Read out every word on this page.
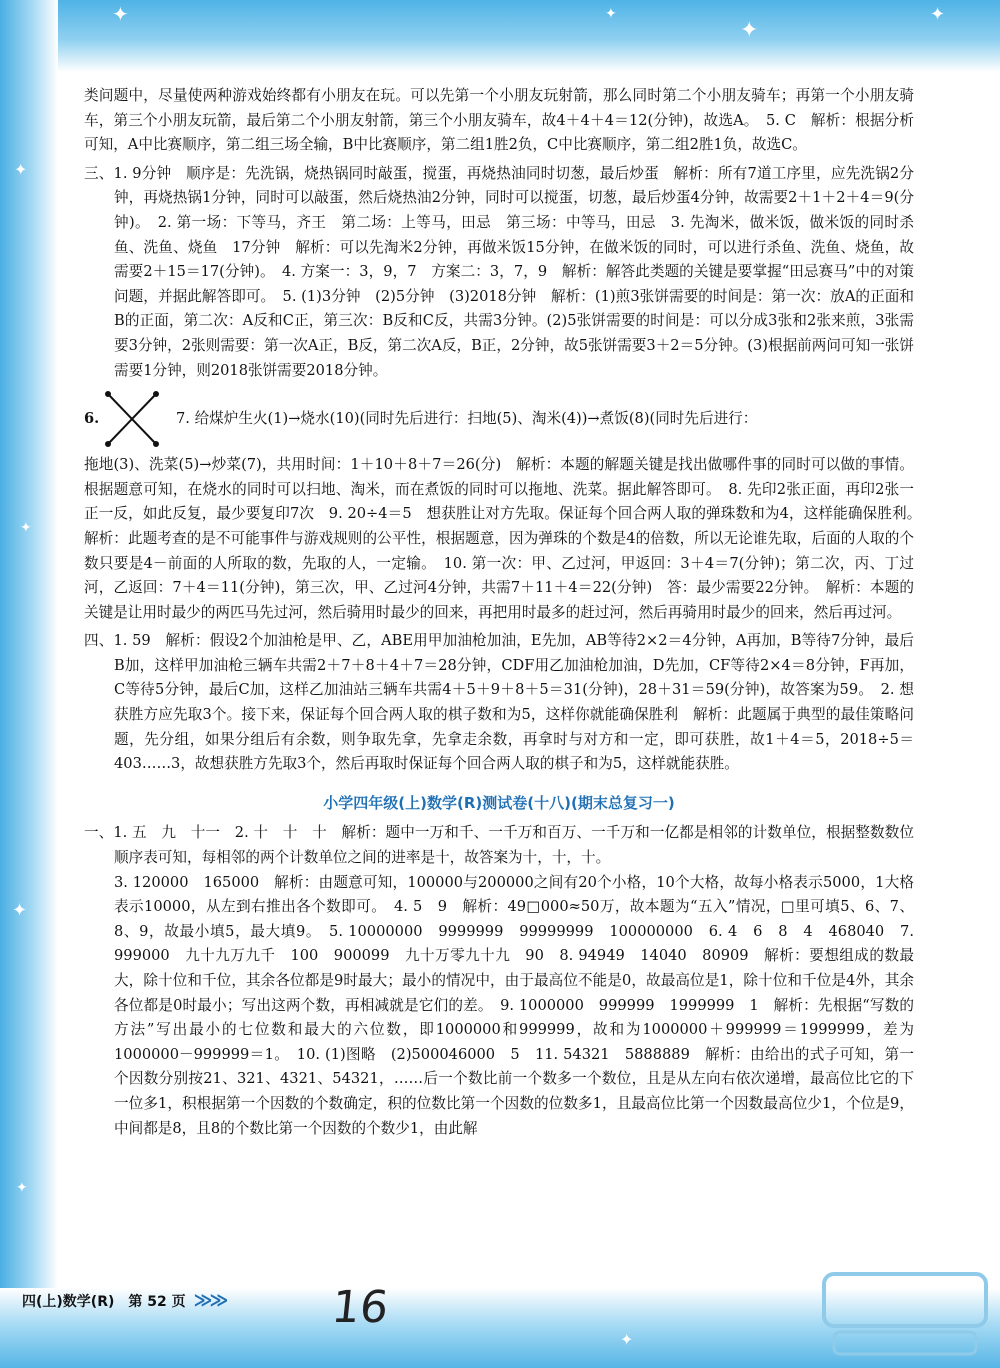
✦	✦
✦
✦
✦
✦
✦
✦
✦

类问题中，尽量使两种游戏始终都有小朋友在玩。可以先第一个小朋友玩射箭，那么同时第二个小朋友骑车；再第一个小朋友骑车，第三个小朋友玩箭，最后第二个小朋友射箭，第三个小朋友骑车，故4＋4＋4＝12(分钟)，故选A。　5. C　解析：根据分析可知，A中比赛顺序，第二组三场全输，B中比赛顺序，第二组1胜2负，C中比赛顺序，第二组2胜1负，故选C。

三、1. 9分钟　顺序是：先洗锅，烧热锅同时敲蛋，搅蛋，再烧热油同时切葱，最后炒蛋　解析：所有7道工序里，应先洗锅2分钟，再烧热锅1分钟，同时可以敲蛋，然后烧热油2分钟，同时可以搅蛋，切葱，最后炒蛋4分钟，故需要2＋1＋2＋4＝9(分钟)。　2. 第一场：下等马，齐王　第二场：上等马，田忌　第三场：中等马，田忌　3. 先淘米，做米饭，做米饭的同时杀鱼、洗鱼、烧鱼　17分钟　解析：可以先淘米2分钟，再做米饭15分钟，在做米饭的同时，可以进行杀鱼、洗鱼、烧鱼，故需要2＋15＝17(分钟)。　4. 方案一：3，9，7　方案二：3，7，9　解析：解答此类题的关键是要掌握“田忌赛马”中的对策问题，并据此解答即可。　5. (1)3分钟　(2)5分钟　(3)2018分钟　解析：(1)煎3张饼需要的时间是：第一次：放A的正面和B的正面，第二次：A反和C正，第三次：B反和C反，共需3分钟。(2)5张饼需要的时间是：可以分成3张和2张来煎，3张需要3分钟，2张则需要：第一次A正，B反，第二次A反，B正，2分钟，故5张饼需要3＋2＝5分钟。(3)根据前两问可知一张饼需要1分钟，则2018张饼需要2018分钟。

6.	7. 给煤炉生火(1)→烧水(10)(同时先后进行：扫地(5)、淘米(4))→煮饭(8)(同时先后进行：

拖地(3)、洗菜(5)→炒菜(7)，共用时间：1＋10＋8＋7＝26(分)　解析：本题的解题关键是找出做哪件事的同时可以做的事情。根据题意可知，在烧水的同时可以扫地、淘米，而在煮饭的同时可以拖地、洗菜。据此解答即可。　8. 先印2张正面，再印2张一正一反，如此反复，最少要复印7次　9. 20÷4＝5　想获胜让对方先取。保证每个回合两人取的弹珠数和为4，这样能确保胜利。　解析：此题考查的是不可能事件与游戏规则的公平性，根据题意，因为弹珠的个数是4的倍数，所以无论谁先取，后面的人取的个数只要是4－前面的人所取的数，先取的人，一定输。　10. 第一次：甲、乙过河，甲返回：3＋4＝7(分钟)；第二次，丙、丁过河，乙返回：7＋4＝11(分钟)，第三次，甲、乙过河4分钟，共需7＋11＋4＝22(分钟)　答：最少需要22分钟。　解析：本题的关键是让用时最少的两匹马先过河，然后骑用时最少的回来，再把用时最多的赶过河，然后再骑用时最少的回来，然后再过河。

四、1. 59　解析：假设2个加油枪是甲、乙，ABE用甲加油枪加油，E先加，AB等待2×2＝4分钟，A再加，B等待7分钟，最后B加，这样甲加油枪三辆车共需2＋7＋8＋4＋7＝28分钟，CDF用乙加油枪加油，D先加，CF等待2×4＝8分钟，F再加，C等待5分钟，最后C加，这样乙加油站三辆车共需4＋5＋9＋8＋5＝31(分钟)，28＋31＝59(分钟)，故答案为59。　2. 想获胜方应先取3个。接下来，保证每个回合两人取的棋子数和为5，这样你就能确保胜利　解析：此题属于典型的最佳策略问题，先分组，如果分组后有余数，则争取先拿，先拿走余数，再拿时与对方和一定，即可获胜，故1＋4＝5，2018÷5＝403……3，故想获胜方先取3个，然后再取时保证每个回合两人取的棋子和为5，这样就能获胜。

小学四年级(上)数学(R)测试卷(十八)(期末总复习一)

一、1. 五　九　十一　2. 十　十　十　解析：题中一万和千、一千万和百万、一千万和一亿都是相邻的计数单位，根据整数数位顺序表可知，每相邻的两个计数单位之间的进率是十，故答案为十，十，十。

3. 120000　165000　解析：由题意可知，100000与200000之间有20个小格，10个大格，故每小格表示5000，1大格表示10000，从左到右推出各个数即可。　4. 5　9　解析：49□000≈50万，故本题为“五入”情况，□里可填5、6、7、8、9，故最小填5，最大填9。　5. 10000000　9999999　99999999　100000000　6. 4　6　8　4　468040　7. 999000　九十九万九千　100　900099　九十万零九十九　90　8. 94949　14040　80909　解析：要想组成的数最大，除十位和千位，其余各位都是9时最大；最小的情况中，由于最高位不能是0，故最高位是1，除十位和千位是4外，其余各位都是0时最小；写出这两个数，再相减就是它们的差。　9. 1000000　999999　1999999　1　解析：先根据“写数的方法”写出最小的七位数和最大的六位数，即1000000和999999，故和为1000000＋999999＝1999999，差为1000000－999999＝1。　10. (1)图略　(2)500046000　5　11. 54321　5888889　解析：由给出的式子可知，第一个因数分别按21、321、4321、54321，……后一个数比前一个数多一个数位，且是从左向右依次递增，最高位比它的下一位多1，积根据第一个因数的个数确定，积的位数比第一个因数的位数多1，且最高位比第一个因数最高位少1，个位是9，中间都是8，且8的个数比第一个因数的个数少1，由此解

四(上)数学(R)　第 52 页 ≫≫ 16
